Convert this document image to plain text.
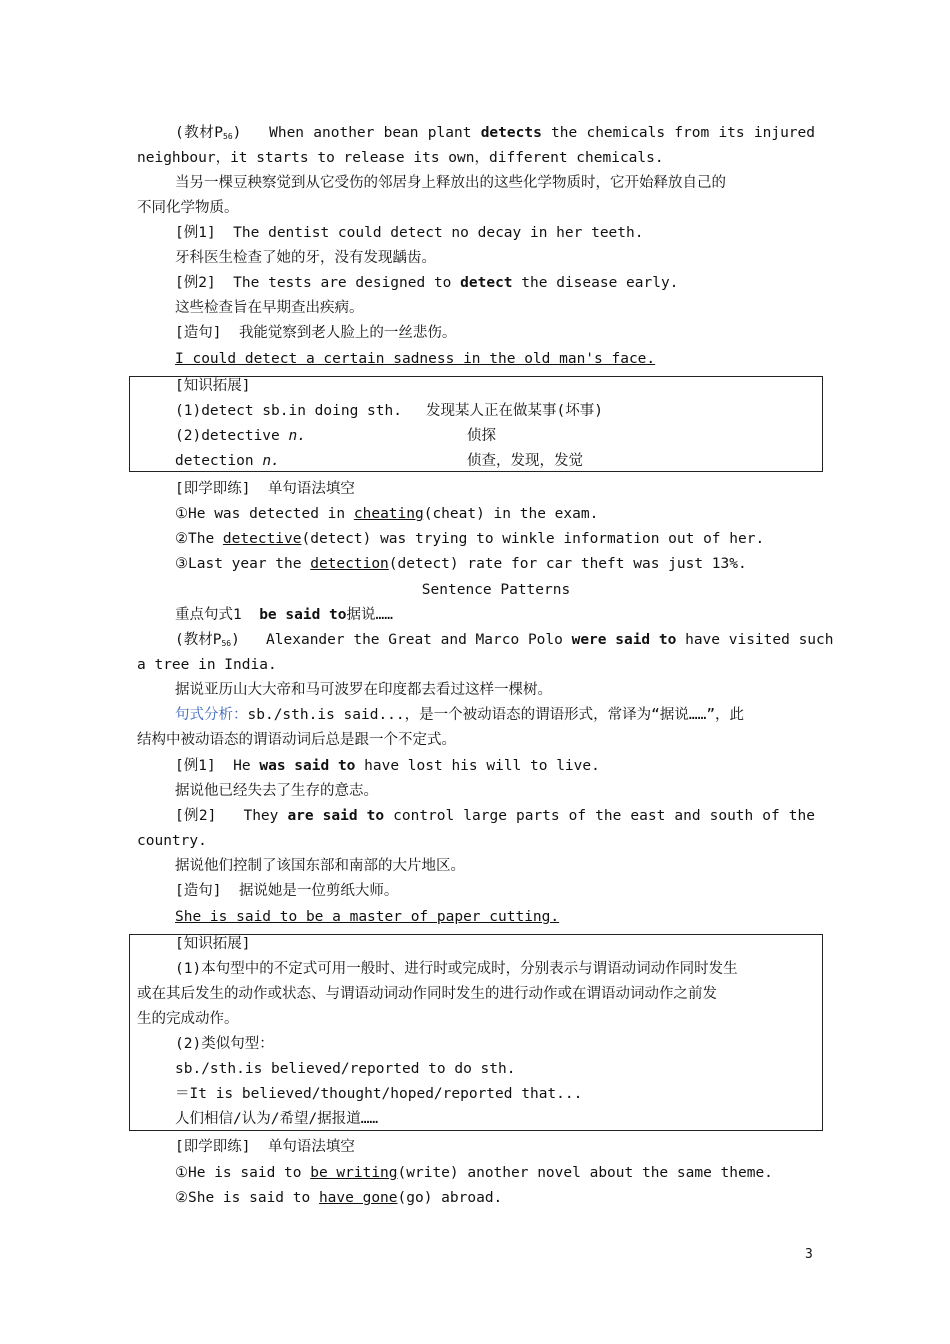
(教材$P_{56}$) When another bean plant detects the chemicals from its injured
neighbour，it starts to release its own，different chemicals.
当另一棵豆秧察觉到从它受伤的邻居身上释放出的这些化学物质时，它开始释放自己的
不同化学物质。
[例1] The dentist could detect no decay in her teeth.
牙科医生检查了她的牙，没有发现龋齿。
[例2] The tests are designed to detect the disease early.
这些检查旨在早期查出疾病。
[造句] 我能觉察到老人脸上的一丝悲伤。
I could detect a certain sadness in the old man's face.
[知识拓展]
(1)detect sb.in doing sth. 发现某人正在做某事(坏事)
(2)detective n.	侦探
detection n.	侦查，发现，发觉
[即学即练] 单句语法填空
①He was detected in cheating(cheat) in the exam.
②The detective(detect) was trying to winkle information out of her.
③Last year the detection(detect) rate for car theft was just 13%.
Sentence Patterns
重点句式1 be said to据说……
(教材$P_{56}$) Alexander the Great and Marco Polo were said to have visited such
a tree in India.
据说亚历山大大帝和马可波罗在印度都去看过这样一棵树。
句式分析：sb./sth.is said...，是一个被动语态的谓语形式，常译为“据说……”，此
结构中被动语态的谓语动词后总是跟一个不定式。
[例1] He was said to have lost his will to live.
据说他已经失去了生存的意志。
[例2] They are said to control large parts of the east and south of the
country.
据说他们控制了该国东部和南部的大片地区。
[造句] 据说她是一位剪纸大师。
She is said to be a master of paper cutting.
[知识拓展]
(1)本句型中的不定式可用一般时、进行时或完成时，分别表示与谓语动词动作同时发生
或在其后发生的动作或状态、与谓语动词动作同时发生的进行动作或在谓语动词动作之前发
生的完成动作。
(2)类似句型：
sb./sth.is believed/reported to do sth.
＝It is believed/thought/hoped/reported that...
人们相信/认为/希望/据报道……
[即学即练] 单句语法填空
①He is said to be writing(write) another novel about the same theme.
②She is said to have gone(go) abroad.
3
